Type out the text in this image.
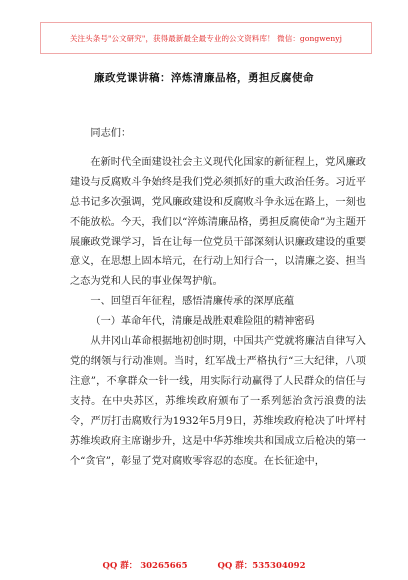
关注头条号"公文研究"，获得最新最全最专业的公文资料库！ 微信：gongwenyj
廉政党课讲稿：淬炼清廉品格，勇担反腐使命

同志们：

在新时代全面建设社会主义现代化国家的新征程上，党风廉政建设与反腐败斗争始终是我们党必须抓好的重大政治任务。习近平总书记多次强调，党风廉政建设和反腐败斗争永远在路上，一刻也不能放松。今天，我们以“淬炼清廉品格，勇担反腐使命”为主题开展廉政党课学习，旨在让每一位党员干部深刻认识廉政建设的重要意义，在思想上固本培元，在行动上知行合一，以清廉之姿、担当之态为党和人民的事业保驾护航。

一、回望百年征程，感悟清廉传承的深厚底蕴

（一）革命年代，清廉是战胜艰难险阻的精神密码

从井冈山革命根据地初创时期，中国共产党就将廉洁自律写入党的纲领与行动准则。当时，红军战士严格执行“三大纪律，八项注意”，不拿群众一针一线，用实际行动赢得了人民群众的信任与支持。在中央苏区，苏维埃政府颁布了一系列惩治贪污浪费的法令，严厉打击腐败行为1932年5月9日，苏维埃政府枪决了叶坪村苏维埃政府主席谢步升，这是中华苏维埃共和国成立后枪决的第一个“贪官”，彰显了党对腐败零容忍的态度。在长征途中，

QQ 群： 30265665	QQ 群：535304092
